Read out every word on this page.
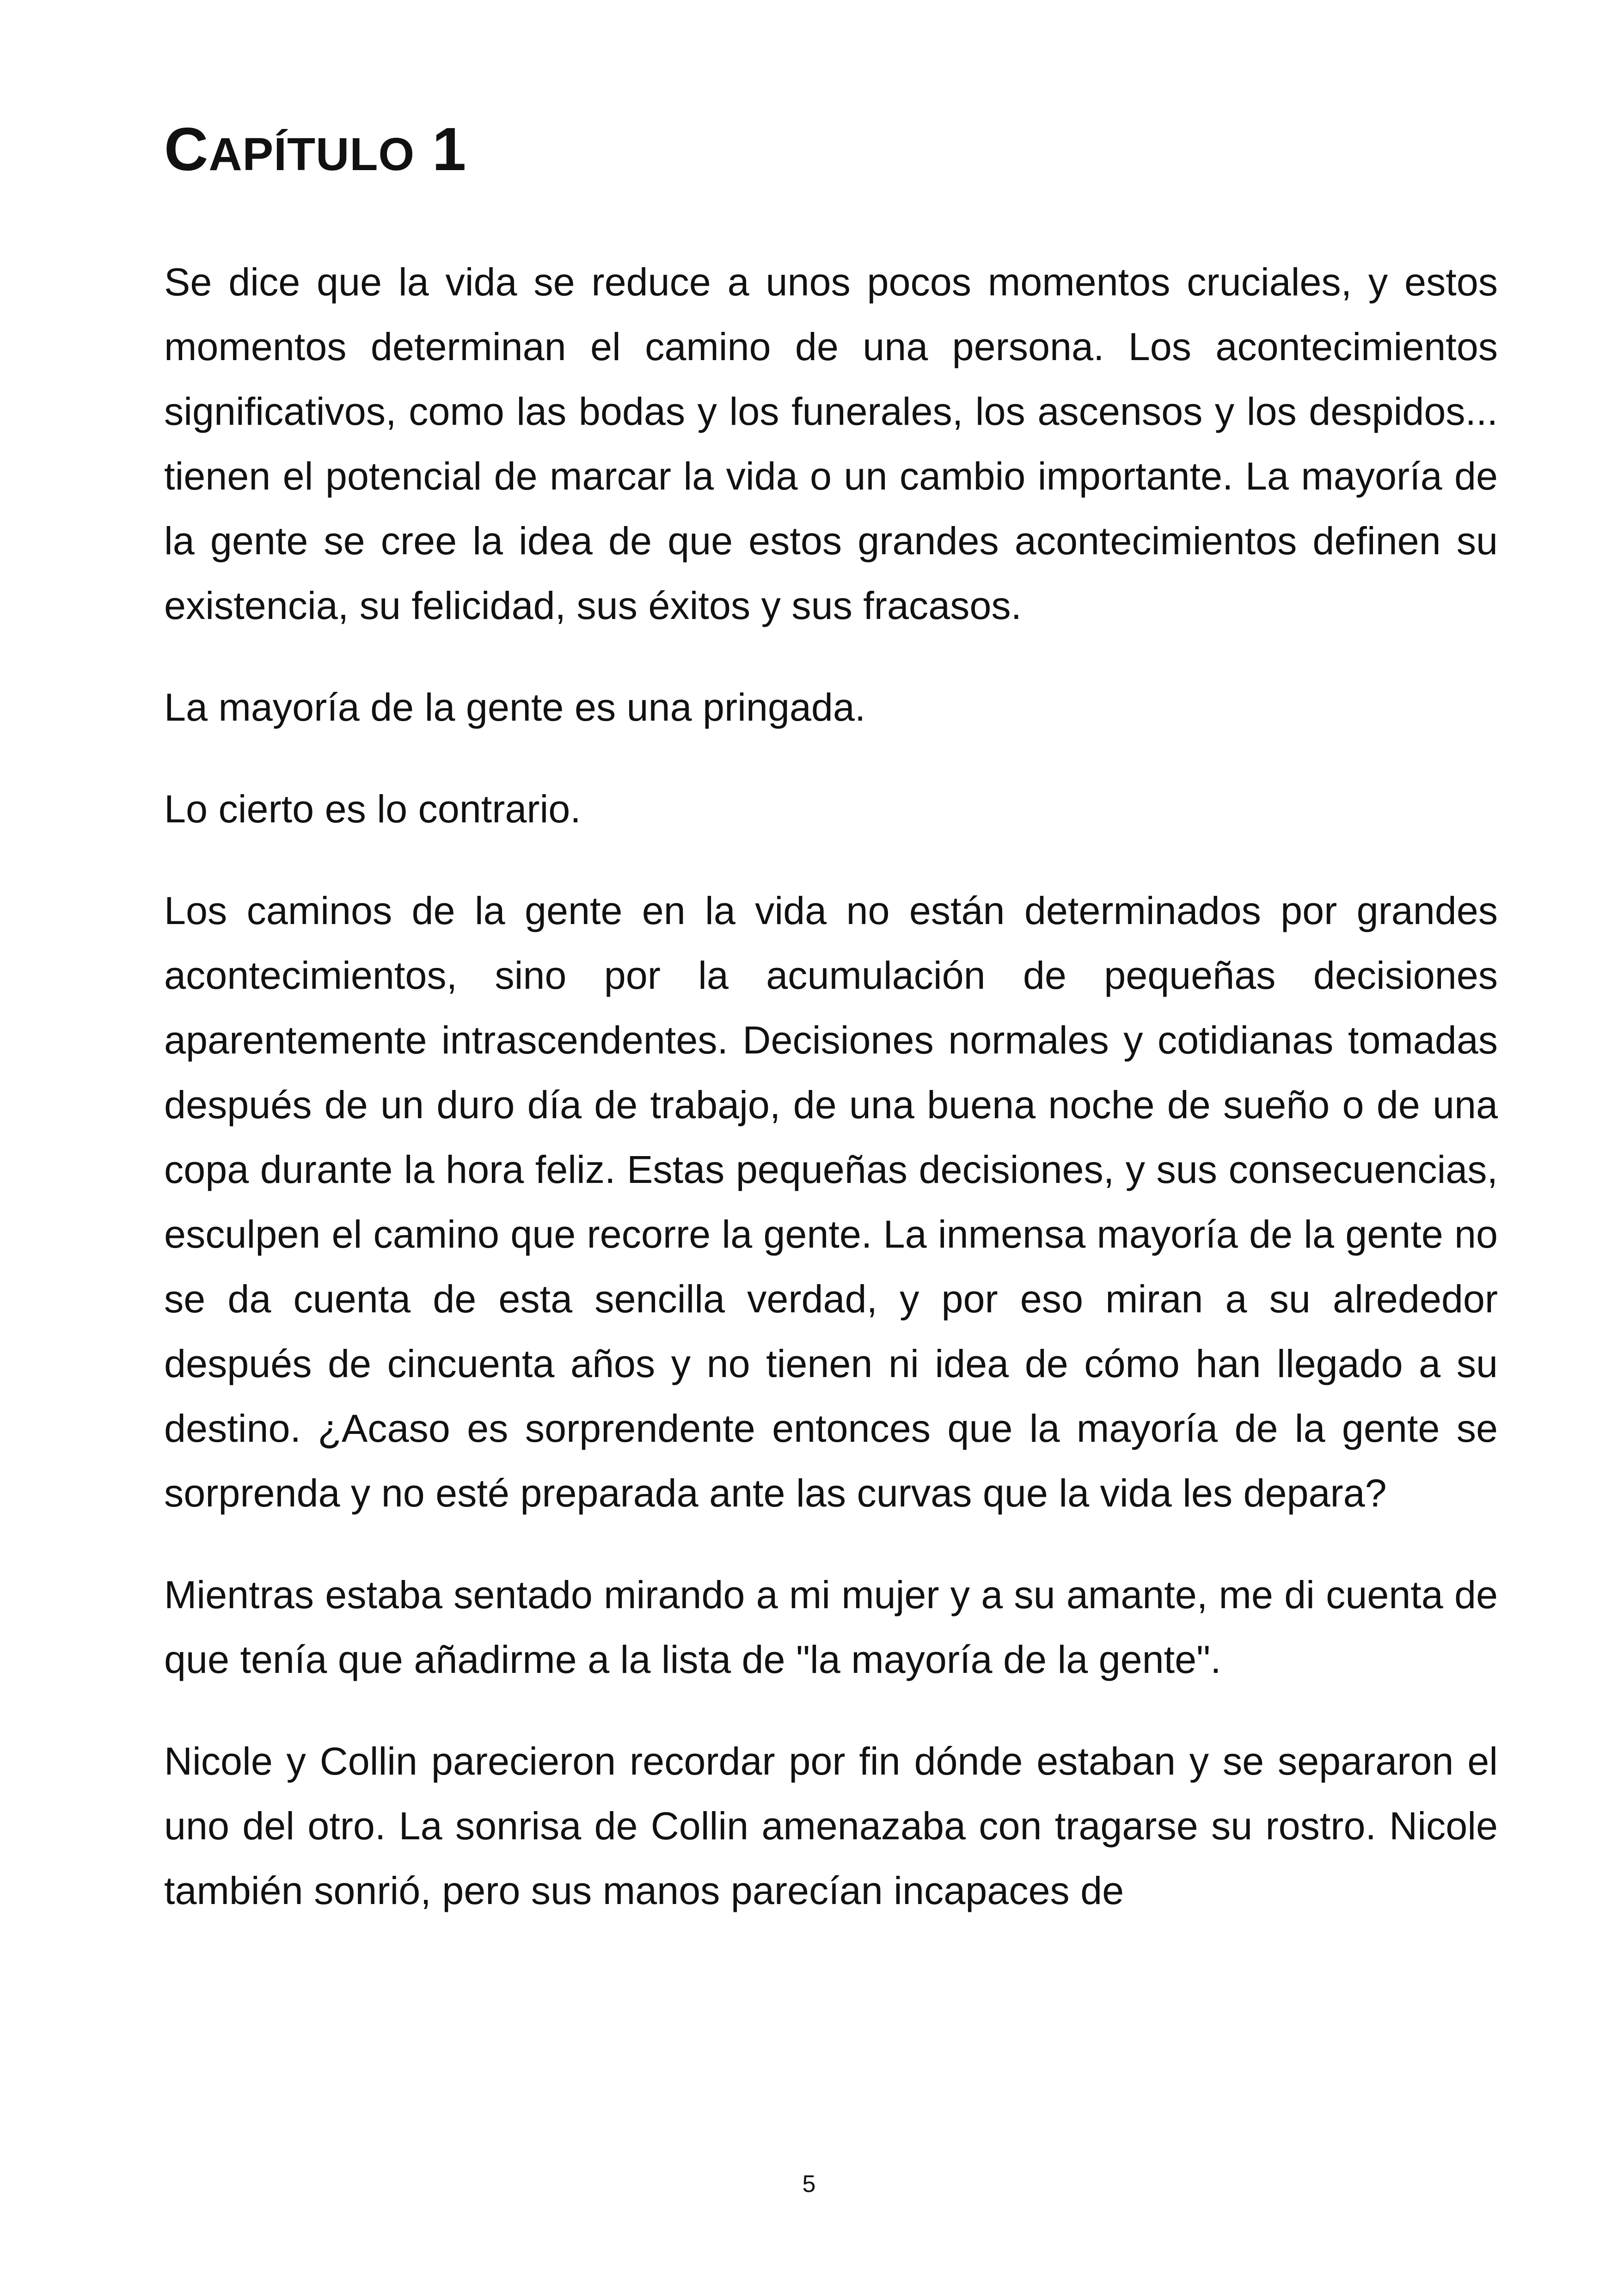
CAPÍTULO 1

Se dice que la vida se reduce a unos pocos momentos cruciales, y estos momentos determinan el camino de una persona. Los acontecimientos significativos, como las bodas y los funerales, los ascensos y los despidos... tienen el potencial de marcar la vida o un cambio importante. La mayoría de la gente se cree la idea de que estos grandes acontecimientos definen su existencia, su felicidad, sus éxitos y sus fracasos.

La mayoría de la gente es una pringada.

Lo cierto es lo contrario.

Los caminos de la gente en la vida no están determinados por grandes acontecimientos, sino por la acumulación de pequeñas decisiones aparentemente intrascendentes. Decisiones normales y cotidianas tomadas después de un duro día de trabajo, de una buena noche de sueño o de una copa durante la hora feliz. Estas pequeñas decisiones, y sus consecuencias, esculpen el camino que recorre la gente. La inmensa mayoría de la gente no se da cuenta de esta sencilla verdad, y por eso miran a su alrededor después de cincuenta años y no tienen ni idea de cómo han llegado a su destino. ¿Acaso es sorprendente entonces que la mayoría de la gente se sorprenda y no esté preparada ante las curvas que la vida les depara?

Mientras estaba sentado mirando a mi mujer y a su amante, me di cuenta de que tenía que añadirme a la lista de "la mayoría de la gente".

Nicole y Collin parecieron recordar por fin dónde estaban y se separaron el uno del otro. La sonrisa de Collin amenazaba con tragarse su rostro. Nicole también sonrió, pero sus manos parecían incapaces de

5
